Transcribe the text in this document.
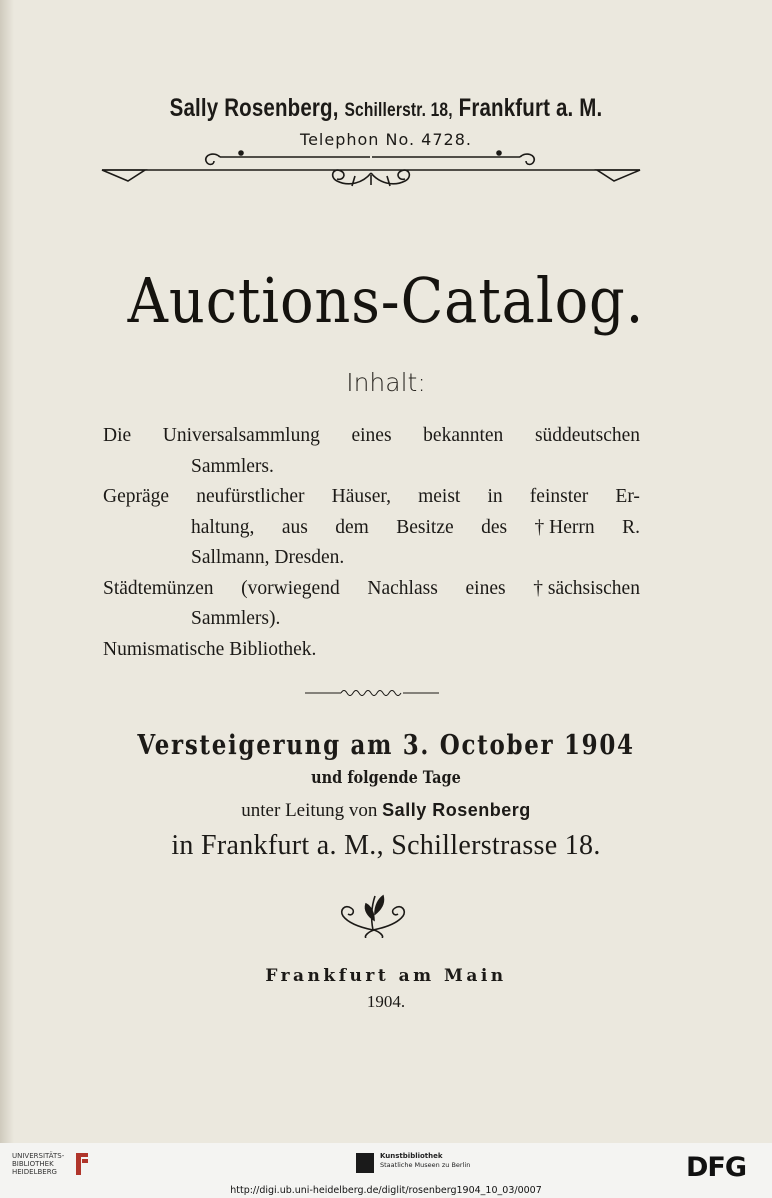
Sally Rosenberg, Schillerstr. 18, Frankfurt a. M.
Telephon No. 4728.
Auctions-Catalog.
Inhalt:
Die Universalsammlung eines bekannten süddeutschen
Sammlers.
Gepräge neufürstlicher Häuser, meist in feinster Er-
haltung, aus dem Besitze des † Herrn R.
Sallmann, Dresden.
Städtemünzen (vorwiegend Nachlass eines † sächsischen
Sammlers).
Numismatische Bibliothek.
Versteigerung am 3. October 1904
und folgende Tage
unter Leitung von Sally Rosenberg
in Frankfurt a. M., Schillerstrasse 18.
Frankfurt am Main
1904.
UNIVERSITÄTS-
BIBLIOTHEK
HEIDELBERG
Kunstbibliothek
Staatliche Museen zu Berlin	DFG
http://digi.ub.uni-heidelberg.de/diglit/rosenberg1904_10_03/0007
